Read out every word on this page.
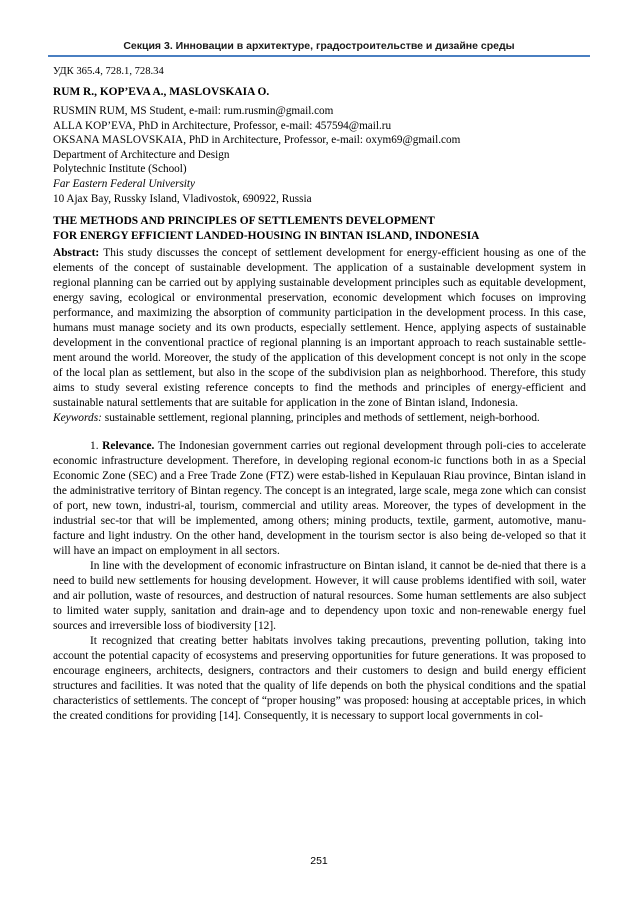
Секция 3. Инновации в архитектуре, градостроительстве и дизайне среды

УДК 365.4, 728.1, 728.34

RUM R., KOP’EVA A., MASLOVSKAIA O.

RUSMIN RUM, MS Student, e-mail: rum.rusmin@gmail.com

ALLA KOP’EVA, PhD in Architecture, Professor, e-mail: 457594@mail.ru

OKSANA MASLOVSKAIA, PhD in Architecture, Professor, e-mail: oxym69@gmail.com

Department of Architecture and Design

Polytechnic Institute (School)

Far Eastern Federal University

10 Ajax Bay, Russky Island, Vladivostok, 690922, Russia

THE METHODS AND PRINCIPLES OF SETTLEMENTS DEVELOPMENT
FOR ENERGY EFFICIENT LANDED-HOUSING IN BINTAN ISLAND, INDONESIA

Abstract: This study discusses the concept of settlement development for energy-efficient housing as one of the elements of the concept of sustainable development. The application of a sustainable development system in regional planning can be carried out by applying sustainable development principles such as equitable development, energy saving, ecological or environmental preservation, economic development which focuses on improving performance, and maximizing the absorption of community participation in the development process. In this case, humans must manage society and its own products, especially settlement. Hence, applying aspects of sustainable development in the conventional practice of regional planning is an important approach to reach sustainable settle-ment around the world. Moreover, the study of the application of this development concept is not only in the scope of the local plan as settlement, but also in the scope of the subdivision plan as neighborhood. Therefore, this study aims to study several existing reference concepts to find the methods and principles of energy-efficient and sustainable natural settlements that are suitable for application in the zone of Bintan island, Indonesia.

Keywords: sustainable settlement, regional planning, principles and methods of settlement, neigh-borhood.

1. Relevance. The Indonesian government carries out regional development through poli-cies to accelerate economic infrastructure development. Therefore, in developing regional econom-ic functions both in as a Special Economic Zone (SEC) and a Free Trade Zone (FTZ) were estab-lished in Kepulauan Riau province, Bintan island in the administrative territory of Bintan regency. The concept is an integrated, large scale, mega zone which can consist of port, new town, industri-al, tourism, commercial and utility areas. Moreover, the types of development in the industrial sec-tor that will be implemented, among others; mining products, textile, garment, automotive, manu-facture and light industry. On the other hand, development in the tourism sector is also being de-veloped so that it will have an impact on employment in all sectors.

In line with the development of economic infrastructure on Bintan island, it cannot be de-nied that there is a need to build new settlements for housing development. However, it will cause problems identified with soil, water and air pollution, waste of resources, and destruction of natural resources. Some human settlements are also subject to limited water supply, sanitation and drain-age and to dependency upon toxic and non-renewable energy fuel sources and irreversible loss of biodiversity [12].

It recognized that creating better habitats involves taking precautions, preventing pollution, taking into account the potential capacity of ecosystems and preserving opportunities for future generations. It was proposed to encourage engineers, architects, designers, contractors and their customers to design and build energy efficient structures and facilities. It was noted that the quality of life depends on both the physical conditions and the spatial characteristics of settlements. The concept of “proper housing” was proposed: housing at acceptable prices, in which the created conditions for providing [14]. Consequently, it is necessary to support local governments in col-

251
